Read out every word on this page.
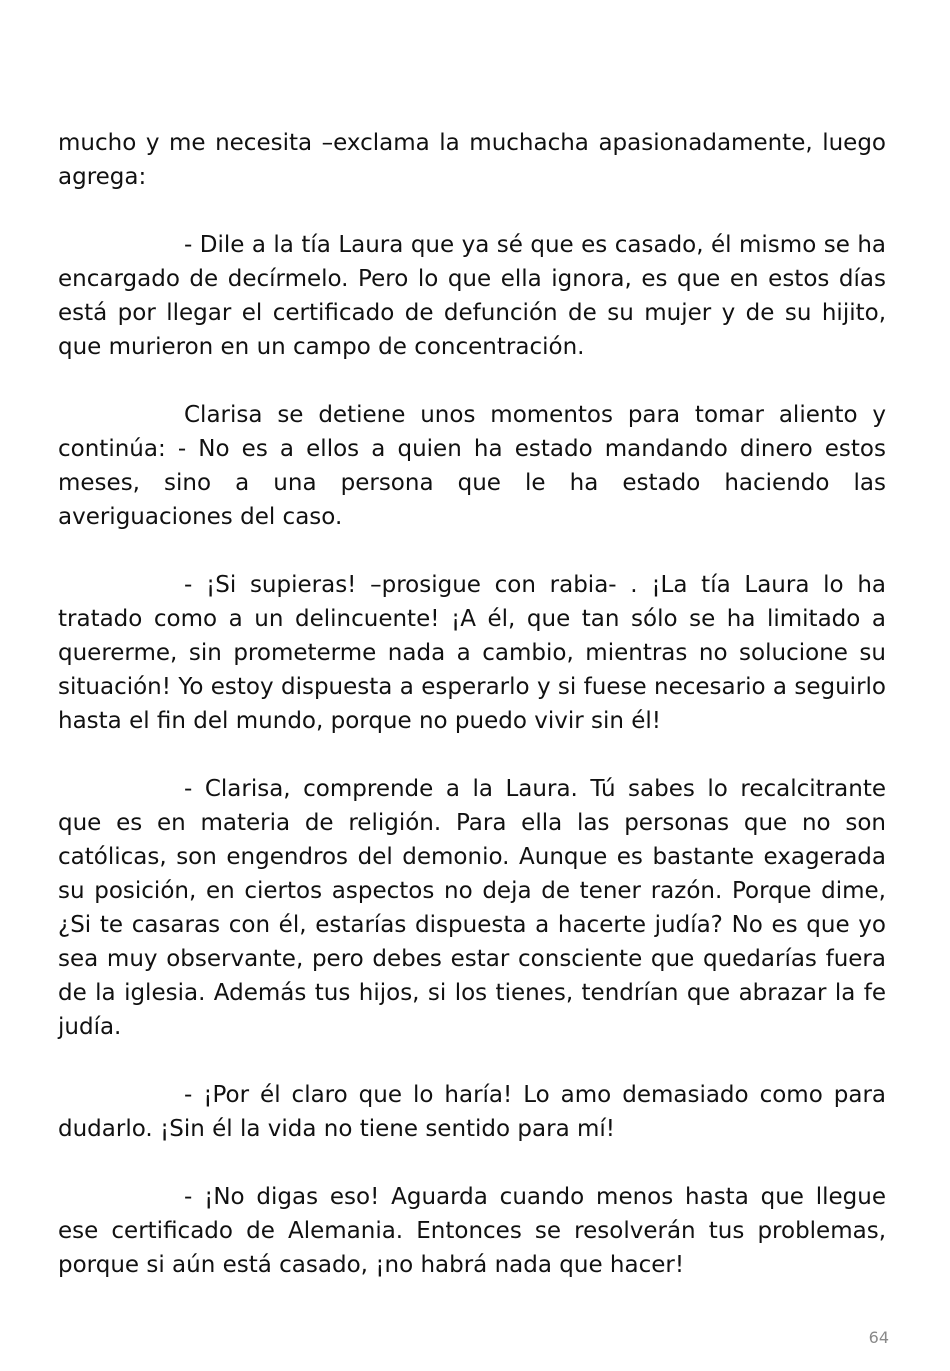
mucho y me necesita –exclama la muchacha apasionadamente, luego agrega:

- Dile a la tía Laura que ya sé que es casado, él mismo se ha encargado de decírmelo. Pero lo que ella ignora, es que en estos días está por llegar el certificado de defunción de su mujer y de su hijito, que murieron en un campo de concentración.

Clarisa se detiene unos momentos para tomar aliento y continúa: - No es a ellos a quien ha estado mandando dinero estos meses, sino a una persona que le ha estado haciendo las averiguaciones del caso.

- ¡Si supieras! –prosigue con rabia- . ¡La tía Laura lo ha tratado como a un delincuente! ¡A él, que tan sólo se ha limitado a quererme, sin prometerme nada a cambio, mientras no solucione su situación! Yo estoy dispuesta a esperarlo y si fuese necesario a seguirlo hasta el fin del mundo, porque no puedo vivir sin él!

- Clarisa, comprende a la Laura. Tú sabes lo recalcitrante que es en materia de religión. Para ella las personas que no son católicas, son engendros del demonio. Aunque es bastante exagerada su posición, en ciertos aspectos no deja de tener razón. Porque dime, ¿Si te casaras con él, estarías dispuesta a hacerte judía? No es que yo sea muy observante, pero debes estar consciente que quedarías fuera de la iglesia. Además tus hijos, si los tienes, tendrían que abrazar la fe judía.

- ¡Por él claro que lo haría! Lo amo demasiado como para dudarlo. ¡Sin él la vida no tiene sentido para mí!

- ¡No digas eso! Aguarda cuando menos hasta que llegue ese certificado de Alemania. Entonces se resolverán tus problemas, porque si aún está casado, ¡no habrá nada que hacer!

64
